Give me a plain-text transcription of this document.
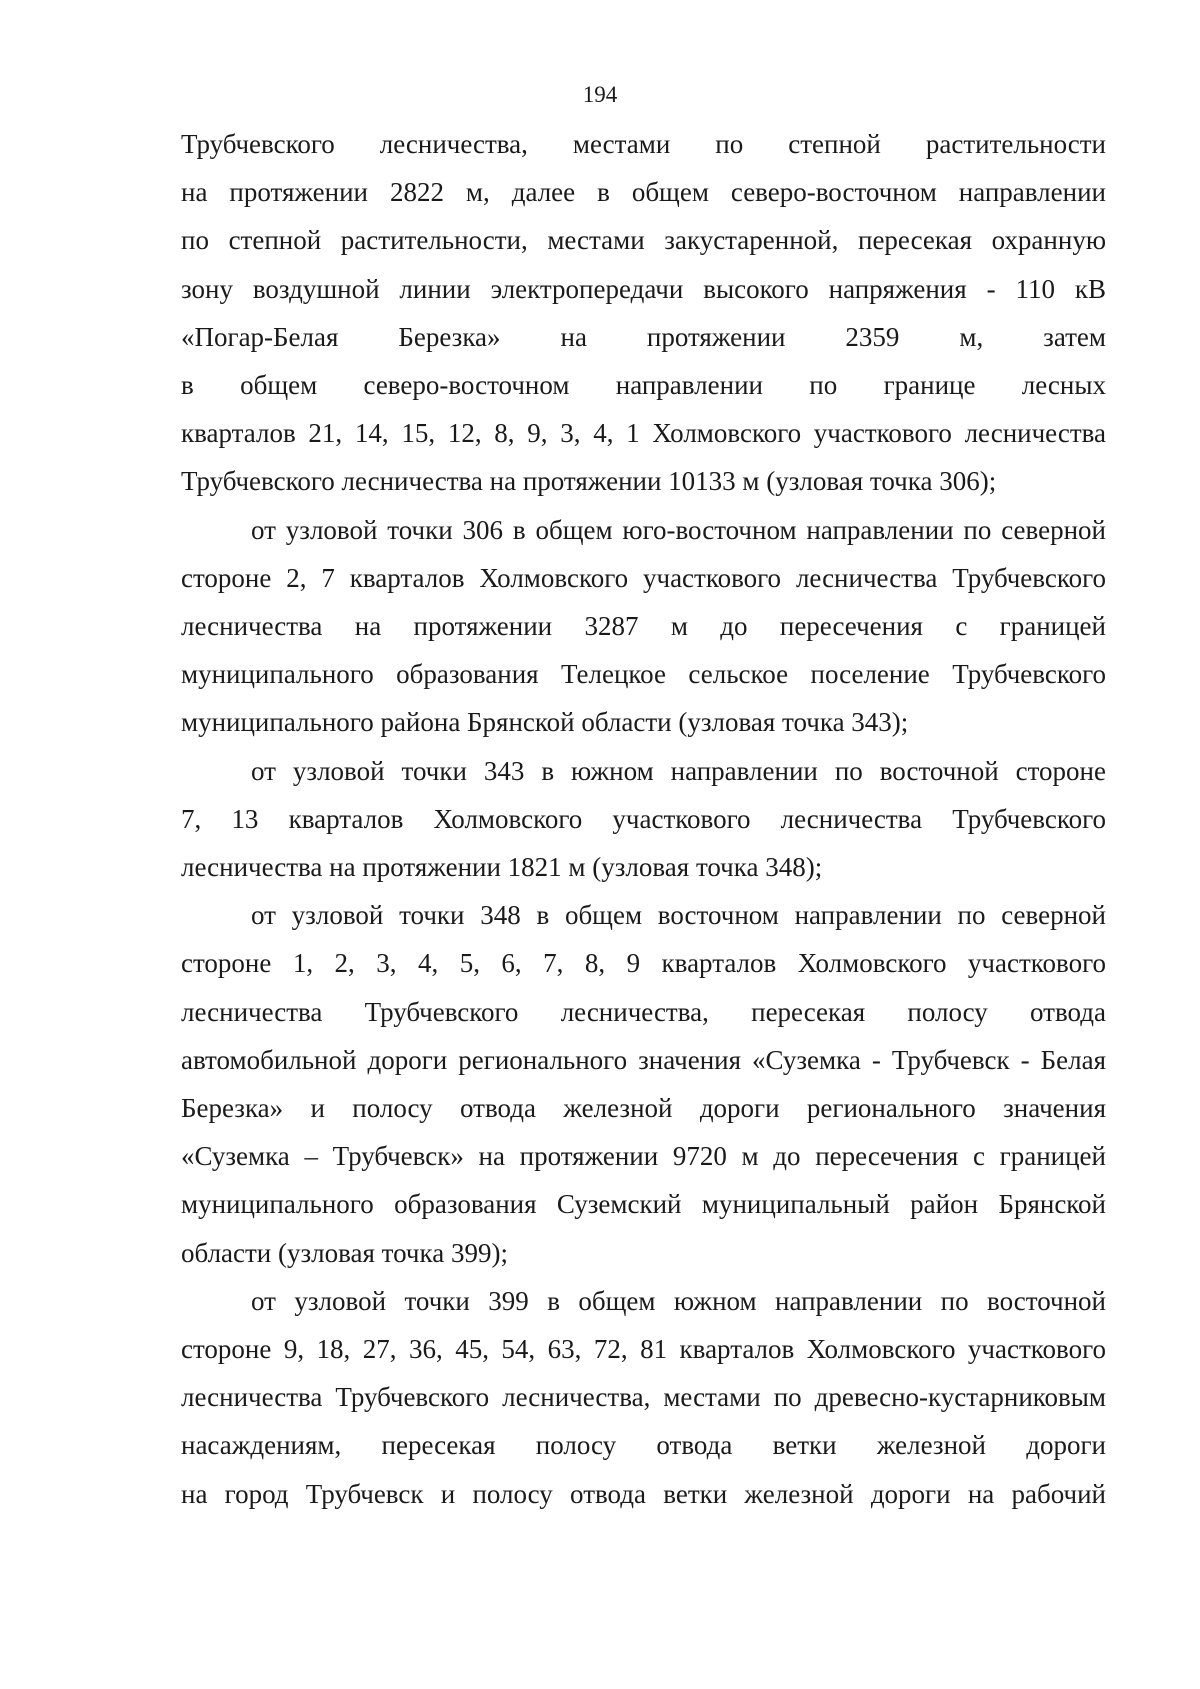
194
Трубчевского лесничества, местами по степной растительности
на протяжении 2822 м, далее в общем северо-восточном направлении
по степной растительности, местами закустаренной, пересекая охранную
зону воздушной линии электропередачи высокого напряжения - 110 кВ
«Погар-Белая Березка» на протяжении 2359 м, затем
в общем северо-восточном направлении по границе лесных
кварталов 21, 14, 15, 12, 8, 9, 3, 4, 1 Холмовского участкового лесничества
Трубчевского лесничества на протяжении 10133 м (узловая точка 306);
от узловой точки 306 в общем юго-восточном направлении по северной
стороне 2, 7 кварталов Холмовского участкового лесничества Трубчевского
лесничества на протяжении 3287 м до пересечения с границей
муниципального образования Телецкое сельское поселение Трубчевского
муниципального района Брянской области (узловая точка 343);
от узловой точки 343 в южном направлении по восточной стороне
7, 13 кварталов Холмовского участкового лесничества Трубчевского
лесничества на протяжении 1821 м (узловая точка 348);
от узловой точки 348 в общем восточном направлении по северной
стороне 1, 2, 3, 4, 5, 6, 7, 8, 9 кварталов Холмовского участкового
лесничества Трубчевского лесничества, пересекая полосу отвода
автомобильной дороги регионального значения «Суземка - Трубчевск - Белая
Березка» и полосу отвода железной дороги регионального значения
«Суземка – Трубчевск» на протяжении 9720 м до пересечения с границей
муниципального образования Суземский муниципальный район Брянской
области (узловая точка 399);
от узловой точки 399 в общем южном направлении по восточной
стороне 9, 18, 27, 36, 45, 54, 63, 72, 81 кварталов Холмовского участкового
лесничества Трубчевского лесничества, местами по древесно-кустарниковым
насаждениям, пересекая полосу отвода ветки железной дороги
на город Трубчевск и полосу отвода ветки железной дороги на рабочий
